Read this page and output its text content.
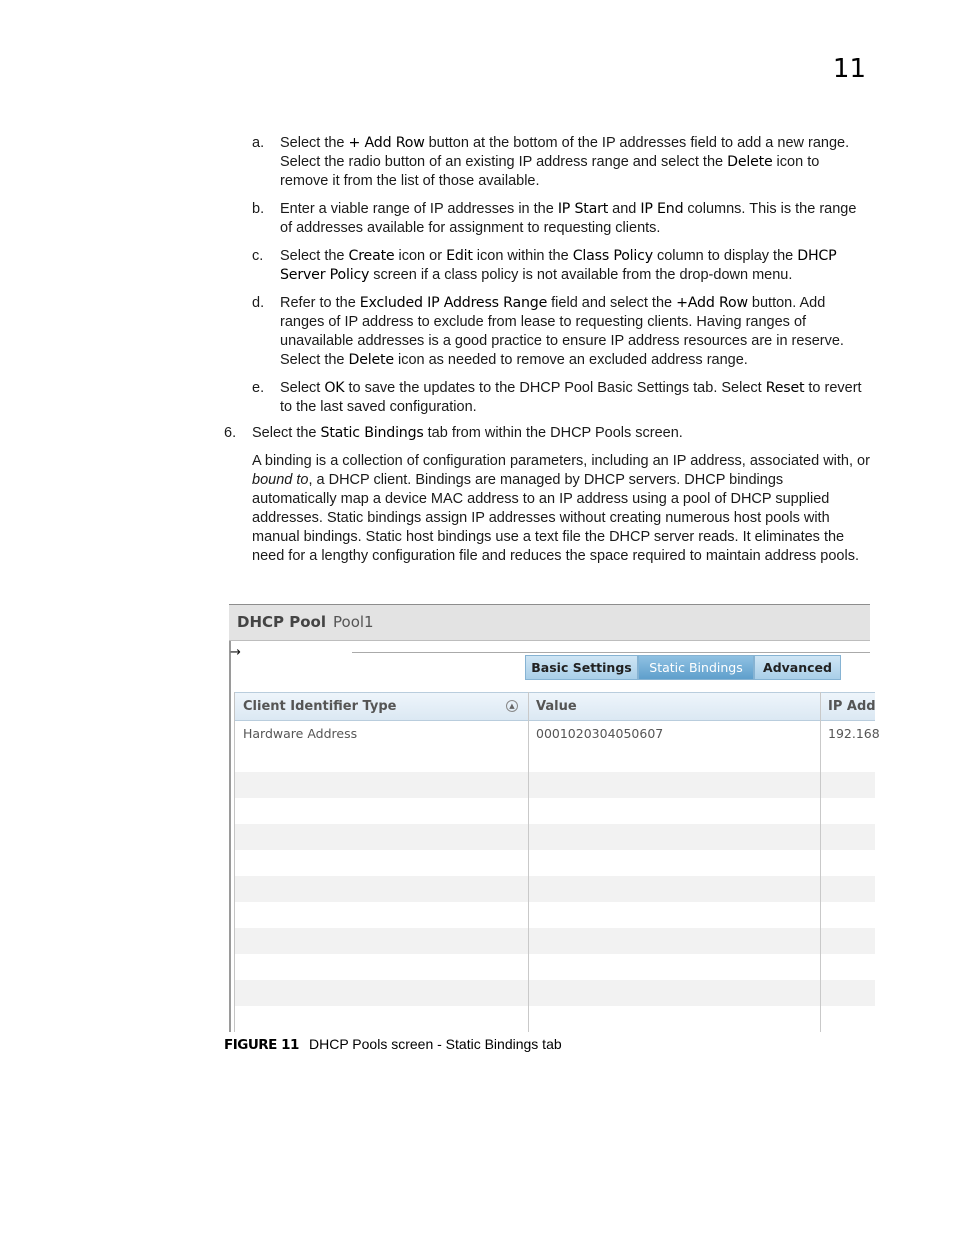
11
a. Select the + Add Row button at the bottom of the IP addresses field to add a new range. Select the radio button of an existing IP address range and select the Delete icon to remove it from the list of those available.
b. Enter a viable range of IP addresses in the IP Start and IP End columns. This is the range of addresses available for assignment to requesting clients.
c. Select the Create icon or Edit icon within the Class Policy column to display the DHCP Server Policy screen if a class policy is not available from the drop-down menu.
d. Refer to the Excluded IP Address Range field and select the +Add Row button. Add ranges of IP address to exclude from lease to requesting clients. Having ranges of unavailable addresses is a good practice to ensure IP address resources are in reserve. Select the Delete icon as needed to remove an excluded address range.
e. Select OK to save the updates to the DHCP Pool Basic Settings tab. Select Reset to revert to the last saved configuration.
6.	Select the Static Bindings tab from within the DHCP Pools screen.
A binding is a collection of configuration parameters, including an IP address, associated with, or bound to, a DHCP client. Bindings are managed by DHCP servers. DHCP bindings automatically map a device MAC address to an IP address using a pool of DHCP supplied addresses. Static bindings assign IP addresses without creating numerous host pools with manual bindings. Static host bindings use a text file the DHCP server reads. It eliminates the need for a lengthy configuration file and reduces the space required to maintain address pools.
DHCP Pool Pool1
→
Basic Settings	Static Bindings	Advanced
Client Identifier Type	▲ Value	IP Add
Hardware Address	0001020304050607	192.168
FIGURE 11 DHCP Pools screen - Static Bindings tab
